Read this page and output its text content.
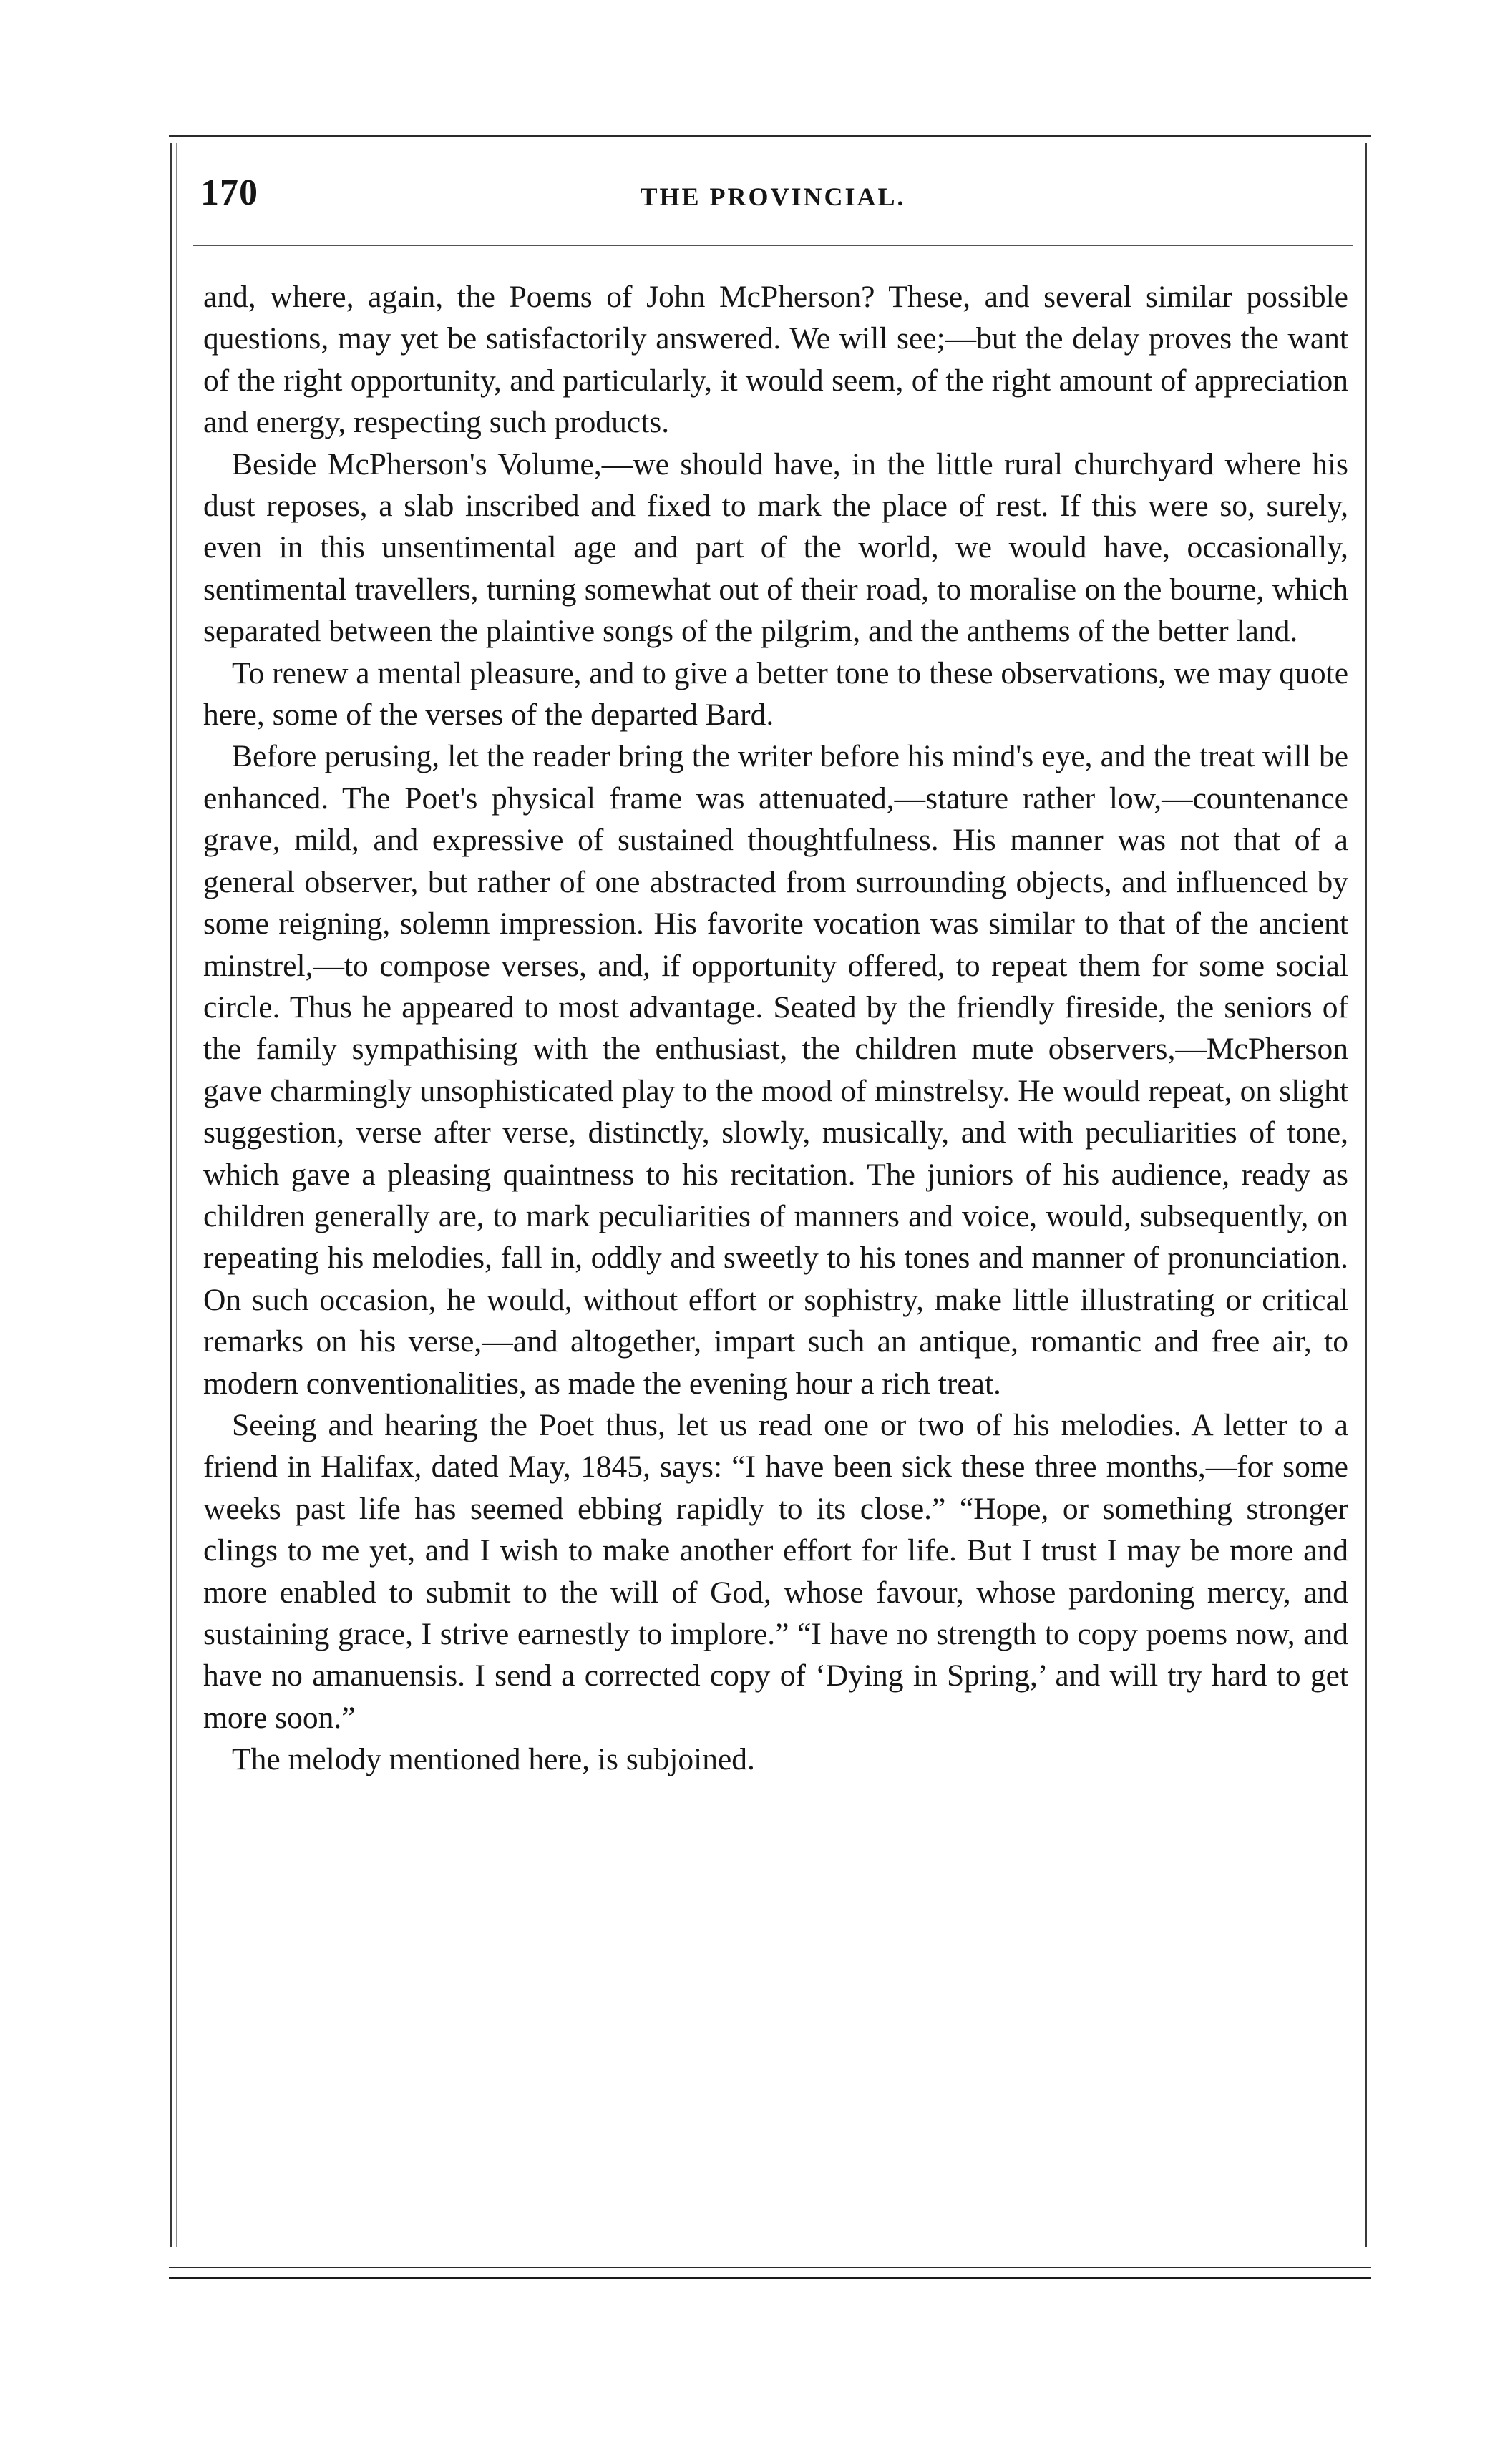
170	THE PROVINCIAL.

and, where, again, the Poems of John McPherson? These, and several similar possible questions, may yet be satisfactorily answered. We will see;—but the delay proves the want of the right opportunity, and particularly, it would seem, of the right amount of appreciation and energy, respecting such products.

Beside McPherson's Volume,—we should have, in the little rural churchyard where his dust reposes, a slab inscribed and fixed to mark the place of rest. If this were so, surely, even in this unsentimental age and part of the world, we would have, occasionally, sentimental travellers, turning somewhat out of their road, to moralise on the bourne, which separated between the plaintive songs of the pilgrim, and the anthems of the better land.

To renew a mental pleasure, and to give a better tone to these observations, we may quote here, some of the verses of the departed Bard.

Before perusing, let the reader bring the writer before his mind's eye, and the treat will be enhanced. The Poet's physical frame was attenuated,—stature rather low,—countenance grave, mild, and expressive of sustained thoughtfulness. His manner was not that of a general observer, but rather of one abstracted from surrounding objects, and influenced by some reigning, solemn impression. His favorite vocation was similar to that of the ancient minstrel,—to compose verses, and, if opportunity offered, to repeat them for some social circle. Thus he appeared to most advantage. Seated by the friendly fireside, the seniors of the family sympathising with the enthusiast, the children mute observers,—McPherson gave charmingly unsophisticated play to the mood of minstrelsy. He would repeat, on slight suggestion, verse after verse, distinctly, slowly, musically, and with peculiarities of tone, which gave a pleasing quaintness to his recitation. The juniors of his audience, ready as children generally are, to mark peculiarities of manners and voice, would, subsequently, on repeating his melodies, fall in, oddly and sweetly to his tones and manner of pronunciation. On such occasion, he would, without effort or sophistry, make little illustrating or critical remarks on his verse,—and altogether, impart such an antique, romantic and free air, to modern conventionalities, as made the evening hour a rich treat.

Seeing and hearing the Poet thus, let us read one or two of his melodies. A letter to a friend in Halifax, dated May, 1845, says: “I have been sick these three months,—for some weeks past life has seemed ebbing rapidly to its close.” “Hope, or something stronger clings to me yet, and I wish to make another effort for life. But I trust I may be more and more enabled to submit to the will of God, whose favour, whose pardoning mercy, and sustaining grace, I strive earnestly to implore.” “I have no strength to copy poems now, and have no amanuensis. I send a corrected copy of ‘Dying in Spring,’ and will try hard to get more soon.”

The melody mentioned here, is subjoined.
